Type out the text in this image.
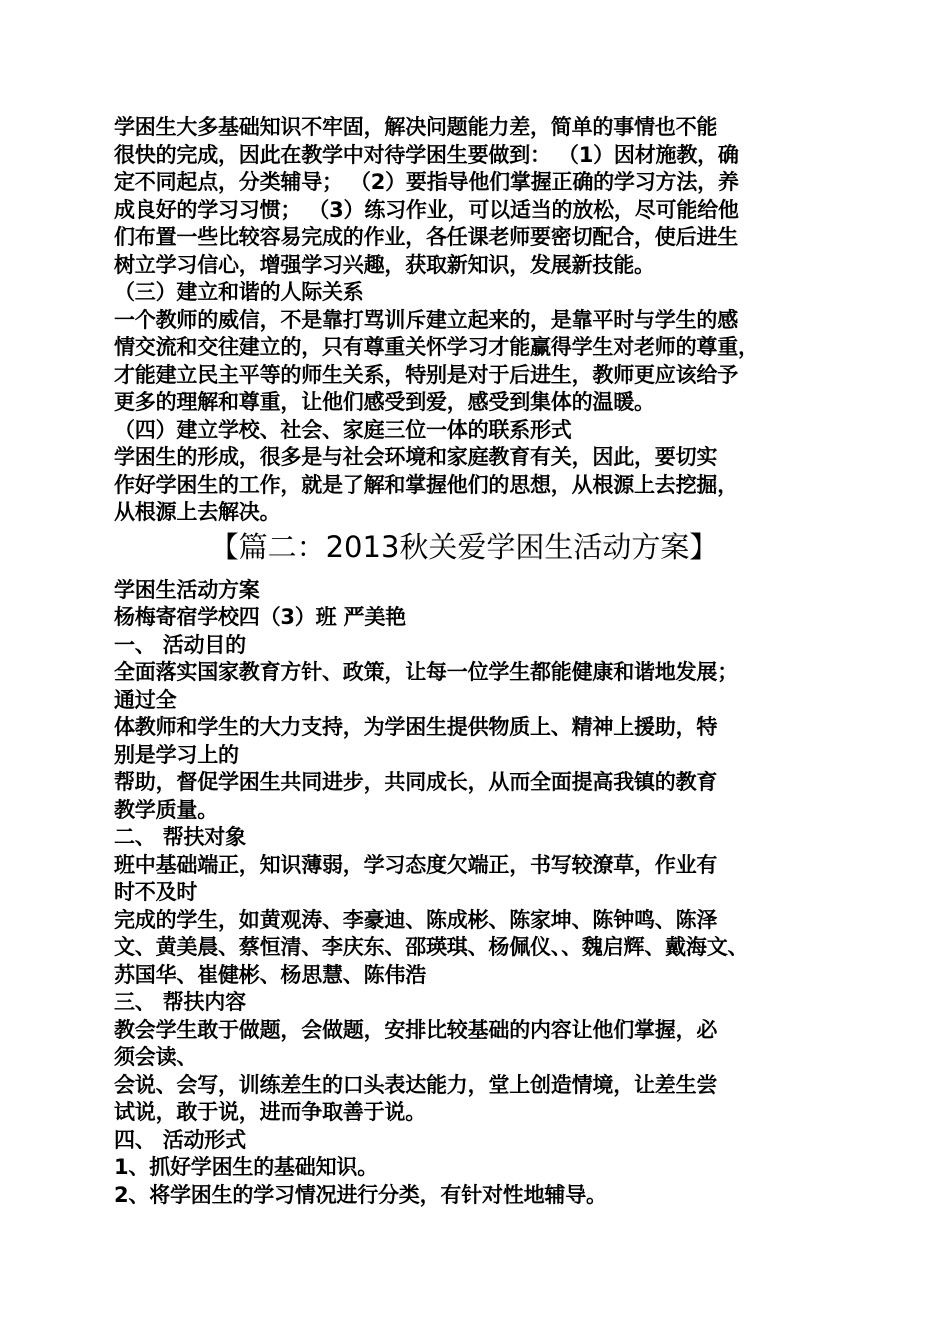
学困生大多基础知识不牢固，解决问题能力差，简单的事情也不能
很快的完成，因此在教学中对待学困生要做到： （1）因材施教，确
定不同起点，分类辅导； （2）要指导他们掌握正确的学习方法，养
成良好的学习习惯； （3）练习作业，可以适当的放松，尽可能给他
们布置一些比较容易完成的作业，各任课老师要密切配合，使后进生
树立学习信心，增强学习兴趣，获取新知识，发展新技能。
（三）建立和谐的人际关系
一个教师的威信，不是靠打骂训斥建立起来的，是靠平时与学生的感
情交流和交往建立的，只有尊重关怀学习才能赢得学生对老师的尊重，
才能建立民主平等的师生关系，特别是对于后进生，教师更应该给予
更多的理解和尊重，让他们感受到爱，感受到集体的温暖。
（四）建立学校、社会、家庭三位一体的联系形式
学困生的形成，很多是与社会环境和家庭教育有关，因此，要切实
作好学困生的工作，就是了解和掌握他们的思想，从根源上去挖掘，
从根源上去解决。
【篇二：2013秋关爱学困生活动方案】
学困生活动方案
杨梅寄宿学校四（3）班 严美艳
一、 活动目的
全面落实国家教育方针、政策，让每一位学生都能健康和谐地发展；
通过全
体教师和学生的大力支持，为学困生提供物质上、精神上援助，特
别是学习上的
帮助，督促学困生共同进步，共同成长，从而全面提高我镇的教育
教学质量。
二、 帮扶对象
班中基础端正，知识薄弱，学习态度欠端正，书写较潦草，作业有
时不及时
完成的学生，如黄观涛、李豪迪、陈成彬、陈家坤、陈钟鸣、陈泽
文、黄美晨、蔡恒清、李庆东、邵瑛琪、杨佩仪、、魏启辉、戴海文、
苏国华、崔健彬、杨思慧、陈伟浩
三、 帮扶内容
教会学生敢于做题，会做题，安排比较基础的内容让他们掌握，必
须会读、
会说、会写，训练差生的口头表达能力，堂上创造情境，让差生尝
试说，敢于说，进而争取善于说。
四、 活动形式
1、抓好学困生的基础知识。
2、将学困生的学习情况进行分类，有针对性地辅导。
